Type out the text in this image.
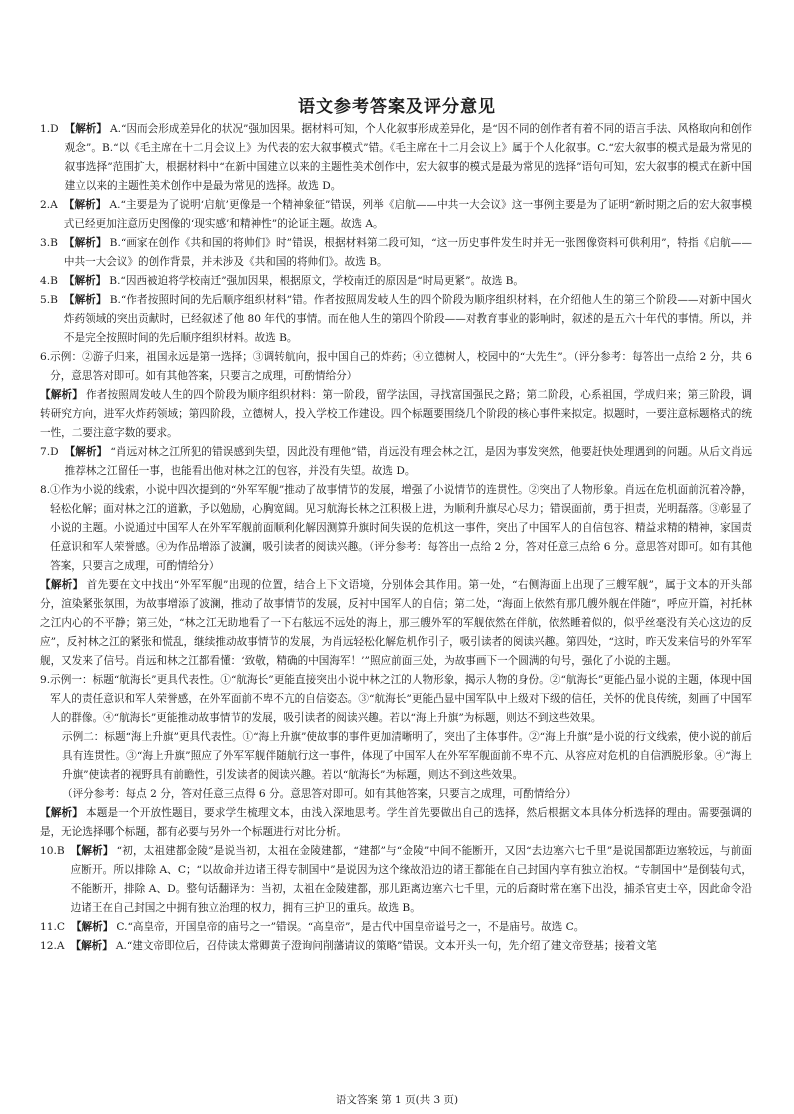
语文参考答案及评分意见
1.D 【解析】 A.“因而会形成差异化的状况”强加因果。据材料可知，个人化叙事形成差异化，是“因不同的创作者有着不同的语言手法、风格取向和创作观念”。B.“以《毛主席在十二月会议上》为代表的宏大叙事模式”错。《毛主席在十二月会议上》属于个人化叙事。C.“宏大叙事的模式是最为常见的叙事选择”范围扩大，根据材料中“在新中国建立以来的主题性美术创作中，宏大叙事的模式是最为常见的选择”语句可知，宏大叙事的模式在新中国建立以来的主题性美术创作中是最为常见的选择。故选 D。
2.A 【解析】 A.“主要是为了说明‘启航’更像是一个精神象征”错误，列举《启航——中共一大会议》这一事例主要是为了证明“新时期之后的宏大叙事模式已经更加注意历史图像的‘现实感’和精神性”的论证主题。故选 A。
3.B 【解析】 B.“画家在创作《共和国的将帅们》时”错误，根据材料第二段可知，“这一历史事件发生时并无一张图像资料可供利用”，特指《启航——中共一大会议》的创作背景，并未涉及《共和国的将帅们》。故选 B。
4.B 【解析】 B.“因西被迫将学校南迁”强加因果，根据原文，学校南迁的原因是“时局更紧”。故选 B。
5.B 【解析】 B.“作者按照时间的先后顺序组织材料”错。作者按照周发岐人生的四个阶段为顺序组织材料，在介绍他人生的第三个阶段——对新中国火炸药领域的突出贡献时，已经叙述了他 80 年代的事情。而在他人生的第四个阶段——对教育事业的影响时，叙述的是五六十年代的事情。所以，并不是完全按照时间的先后顺序组织材料。故选 B。
6. 示例：②游子归来，祖国永远是第一选择；③调转航向，报中国自己的炸药；④立德树人，校园中的“大先生”。（评分参考：每答出一点给 2 分，共 6 分，意思答对即可。如有其他答案，只要言之成理，可酌情给分）
【解析】 作者按照周发岐人生的四个阶段为顺序组织材料：第一阶段，留学法国，寻找富国强民之路；第二阶段，心系祖国，学成归来；第三阶段，调转研究方向，进军火炸药领域；第四阶段，立德树人，投入学校工作建设。四个标题要围绕几个阶段的核心事件来拟定。拟题时，一要注意标题格式的统一性，二要注意字数的要求。
7.D 【解析】 “肖远对林之江所犯的错误感到失望，因此没有理他”错，肖远没有理会林之江，是因为事发突然，他要赶快处理遇到的问题。从后文肖远推荐林之江留任一事，也能看出他对林之江的包容，并没有失望。故选 D。
8. ①作为小说的线索，小说中四次提到的“外军军舰”推动了故事情节的发展，增强了小说情节的连贯性。②突出了人物形象。肖远在危机面前沉着冷静，轻松化解；面对林之江的道歉，予以勉励，心胸宽阔。见习航海长林之江积极上进，为顺利升旗尽心尽力；错误面前，勇于担责，光明磊落。③彰显了小说的主题。小说通过中国军人在外军军舰前面顺利化解因测算升旗时间失误的危机这一事件，突出了中国军人的自信包容、精益求精的精神，家国责任意识和军人荣誉感。④为作品增添了波澜，吸引读者的阅读兴趣。（评分参考：每答出一点给 2 分，答对任意三点给 6 分。意思答对即可。如有其他答案，只要言之成理，可酌情给分）
【解析】 首先要在文中找出“外军军舰”出现的位置，结合上下文语境，分别体会其作用。第一处，“右侧海面上出现了三艘军舰”，属于文本的开头部分，渲染紧张氛围，为故事增添了波澜，推动了故事情节的发展，反衬中国军人的自信；第二处，“海面上依然有那几艘外舰在伴随”，呼应开篇，衬托林之江内心的不平静；第三处，“林之江无助地看了一下右舷远不远处的海上，那三艘外军的军舰依然在伴航，依然睡着似的，似乎丝毫没有关心这边的反应”，反衬林之江的紧张和慌乱，继续推动故事情节的发展，为肖远轻松化解危机作引子，吸引读者的阅读兴趣。第四处，“这时，昨天发来信号的外军军舰，又发来了信号。肖远和林之江都看懂：‘致敬，精确的中国海军！’”照应前面三处，为故事画下一个圆满的句号，强化了小说的主题。
9. 示例一：标题“航海长”更具代表性。①“航海长”更能直接突出小说中林之江的人物形象，揭示人物的身份。②“航海长”更能凸显小说的主题，体现中国军人的责任意识和军人荣誉感，在外军面前不卑不亢的自信姿态。③“航海长”更能凸显中国军队中上级对下级的信任，关怀的优良传统，刻画了中国军人的群像。④“航海长”更能推动故事情节的发展，吸引读者的阅读兴趣。若以“海上升旗”为标题，则达不到这些效果。
示例二：标题“海上升旗”更具代表性。①“海上升旗”使故事的事件更加清晰明了，突出了主体事件。②“海上升旗”是小说的行文线索，使小说的前后具有连贯性。③“海上升旗”照应了外军军舰伴随航行这一事件，体现了中国军人在外军军舰面前不卑不亢、从容应对危机的自信洒脱形象。④“海上升旗”使读者的视野具有前瞻性，引发读者的阅读兴趣。若以“航海长”为标题，则达不到这些效果。
（评分参考：每点 2 分，答对任意三点得 6 分。意思答对即可。如有其他答案，只要言之成理，可酌情给分）
【解析】 本题是一个开放性题目，要求学生梳理文本，由浅入深地思考。学生首先要做出自己的选择，然后根据文本具体分析选择的理由。需要强调的是，无论选择哪个标题，都有必要与另外一个标题进行对比分析。
10.B 【解析】 “初，太祖建都金陵”是说当初，太祖在金陵建都，“建都”与“金陵”中间不能断开，又因“去边塞六七千里”是说国都距边塞较远，与前面应断开。所以排除 A、C；“以故命并边诸王得专制国中”是说因为这个缘故沿边的诸王都能在自己封国内享有独立治权。“专制国中”是倒装句式，不能断开，排除 A、D。整句话翻译为：当初，太祖在金陵建都，那儿距离边塞六七千里，元的后裔时常在塞下出没，捕杀官吏士卒，因此命令沿边诸王在自己封国之中拥有独立治理的权力，拥有三护卫的重兵。故选 B。
11.C 【解析】 C.“高皇帝，开国皇帝的庙号之一”错误。“高皇帝”，是古代中国皇帝谥号之一，不是庙号。故选 C。
12.A 【解析】 A.“建文帝即位后，召侍读太常卿黄子澄询问削藩请议的策略”错误。文本开头一句，先介绍了建文帝登基；接着文笔
语文答案 第 1 页(共 3 页)
